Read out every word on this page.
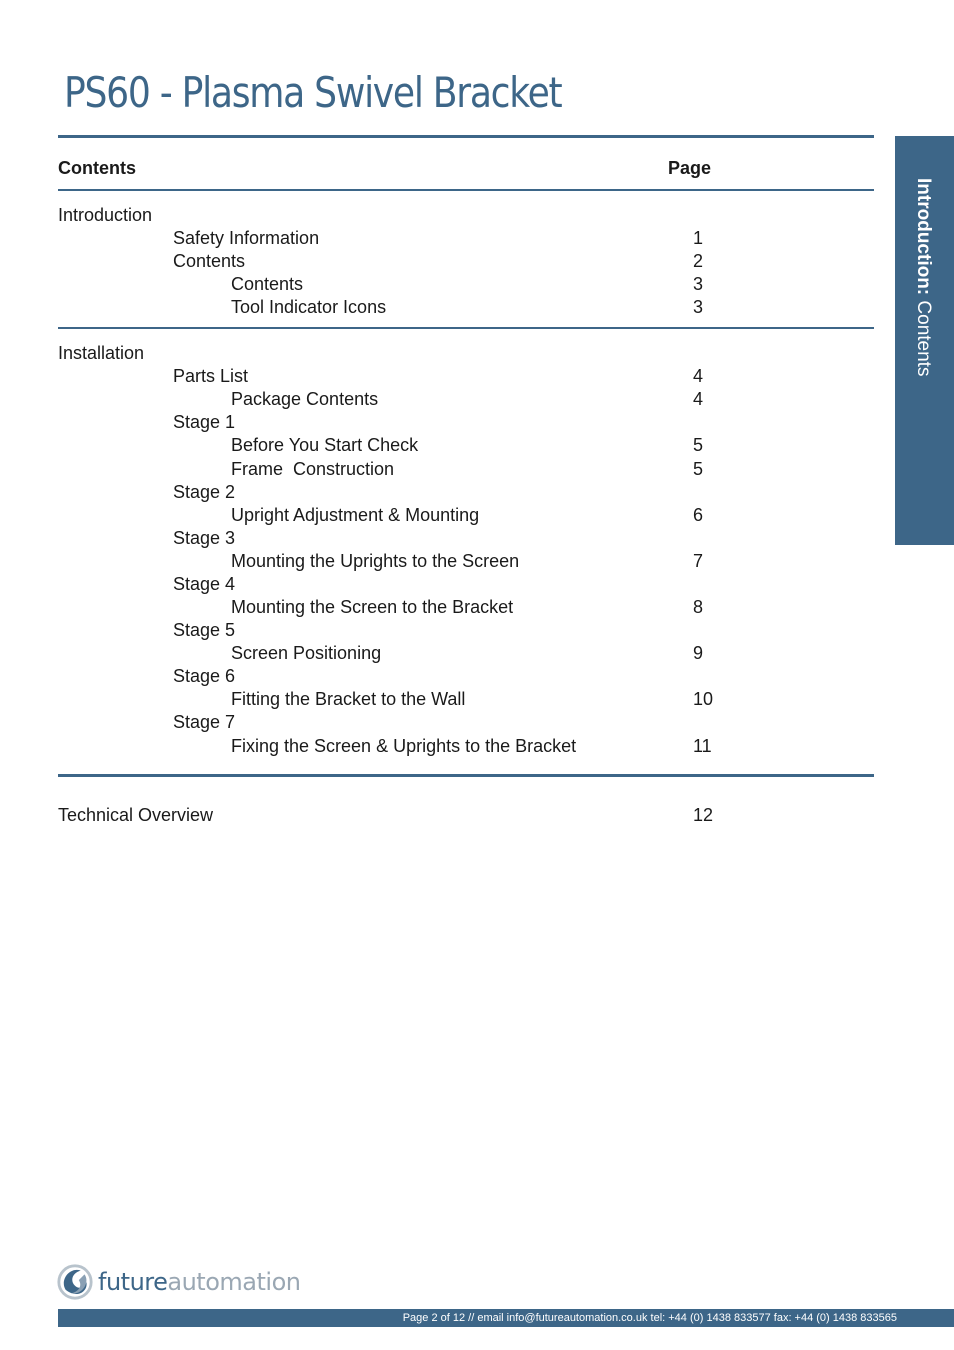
PS60 - Plasma Swivel Bracket
Contents	Page
Introduction
Safety Information	1
Contents	2
Contents	3
Tool Indicator Icons	3
Installation
Parts List	4
Package Contents	4
Stage 1
Before You Start Check	5
Frame  Construction	5
Stage 2
Upright Adjustment & Mounting	6
Stage 3
Mounting the Uprights to the Screen	7
Stage 4
Mounting the Screen to the Bracket	8
Stage 5
Screen Positioning	9
Stage 6
Fitting the Bracket to the Wall	10
Stage 7
Fixing the Screen & Uprights to the Bracket	11
Technical Overview	12
Introduction: Contents
futureautomation
Page 2 of 12 // email info@futureautomation.co.uk tel: +44 (0) 1438 833577 fax: +44 (0) 1438 833565
